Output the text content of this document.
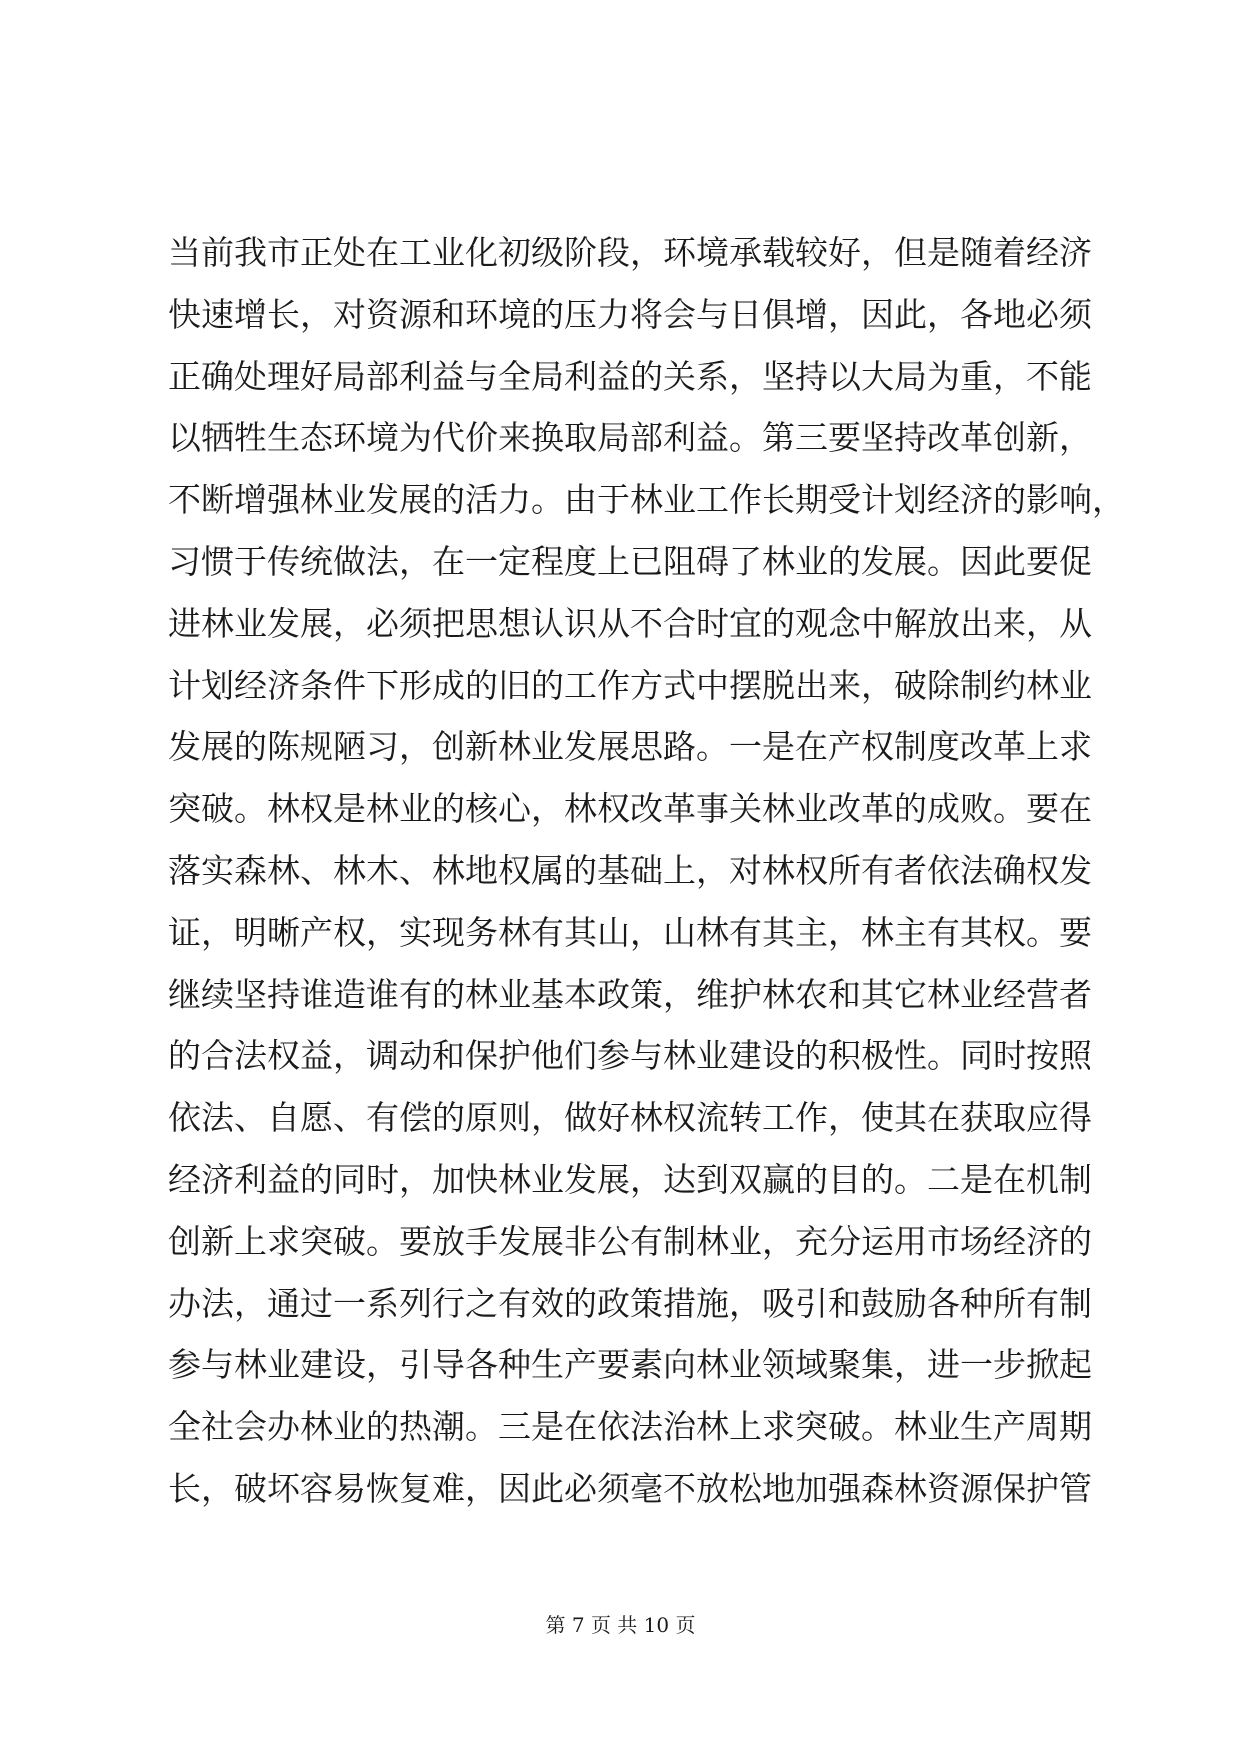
当前我市正处在工业化初级阶段，环境承载较好，但是随着经济
快速增长，对资源和环境的压力将会与日俱增，因此，各地必须
正确处理好局部利益与全局利益的关系，坚持以大局为重，不能
以牺牲生态环境为代价来换取局部利益。第三要坚持改革创新，
不断增强林业发展的活力。由于林业工作长期受计划经济的影响，
习惯于传统做法，在一定程度上已阻碍了林业的发展。因此要促
进林业发展，必须把思想认识从不合时宜的观念中解放出来，从
计划经济条件下形成的旧的工作方式中摆脱出来，破除制约林业
发展的陈规陋习，创新林业发展思路。一是在产权制度改革上求
突破。林权是林业的核心，林权改革事关林业改革的成败。要在
落实森林、林木、林地权属的基础上，对林权所有者依法确权发
证，明晰产权，实现务林有其山，山林有其主，林主有其权。要
继续坚持谁造谁有的林业基本政策，维护林农和其它林业经营者
的合法权益，调动和保护他们参与林业建设的积极性。同时按照
依法、自愿、有偿的原则，做好林权流转工作，使其在获取应得
经济利益的同时，加快林业发展，达到双赢的目的。二是在机制
创新上求突破。要放手发展非公有制林业，充分运用市场经济的
办法，通过一系列行之有效的政策措施，吸引和鼓励各种所有制
参与林业建设，引导各种生产要素向林业领域聚集，进一步掀起
全社会办林业的热潮。三是在依法治林上求突破。林业生产周期
长，破坏容易恢复难，因此必须毫不放松地加强森林资源保护管
第 7 页 共 10 页
